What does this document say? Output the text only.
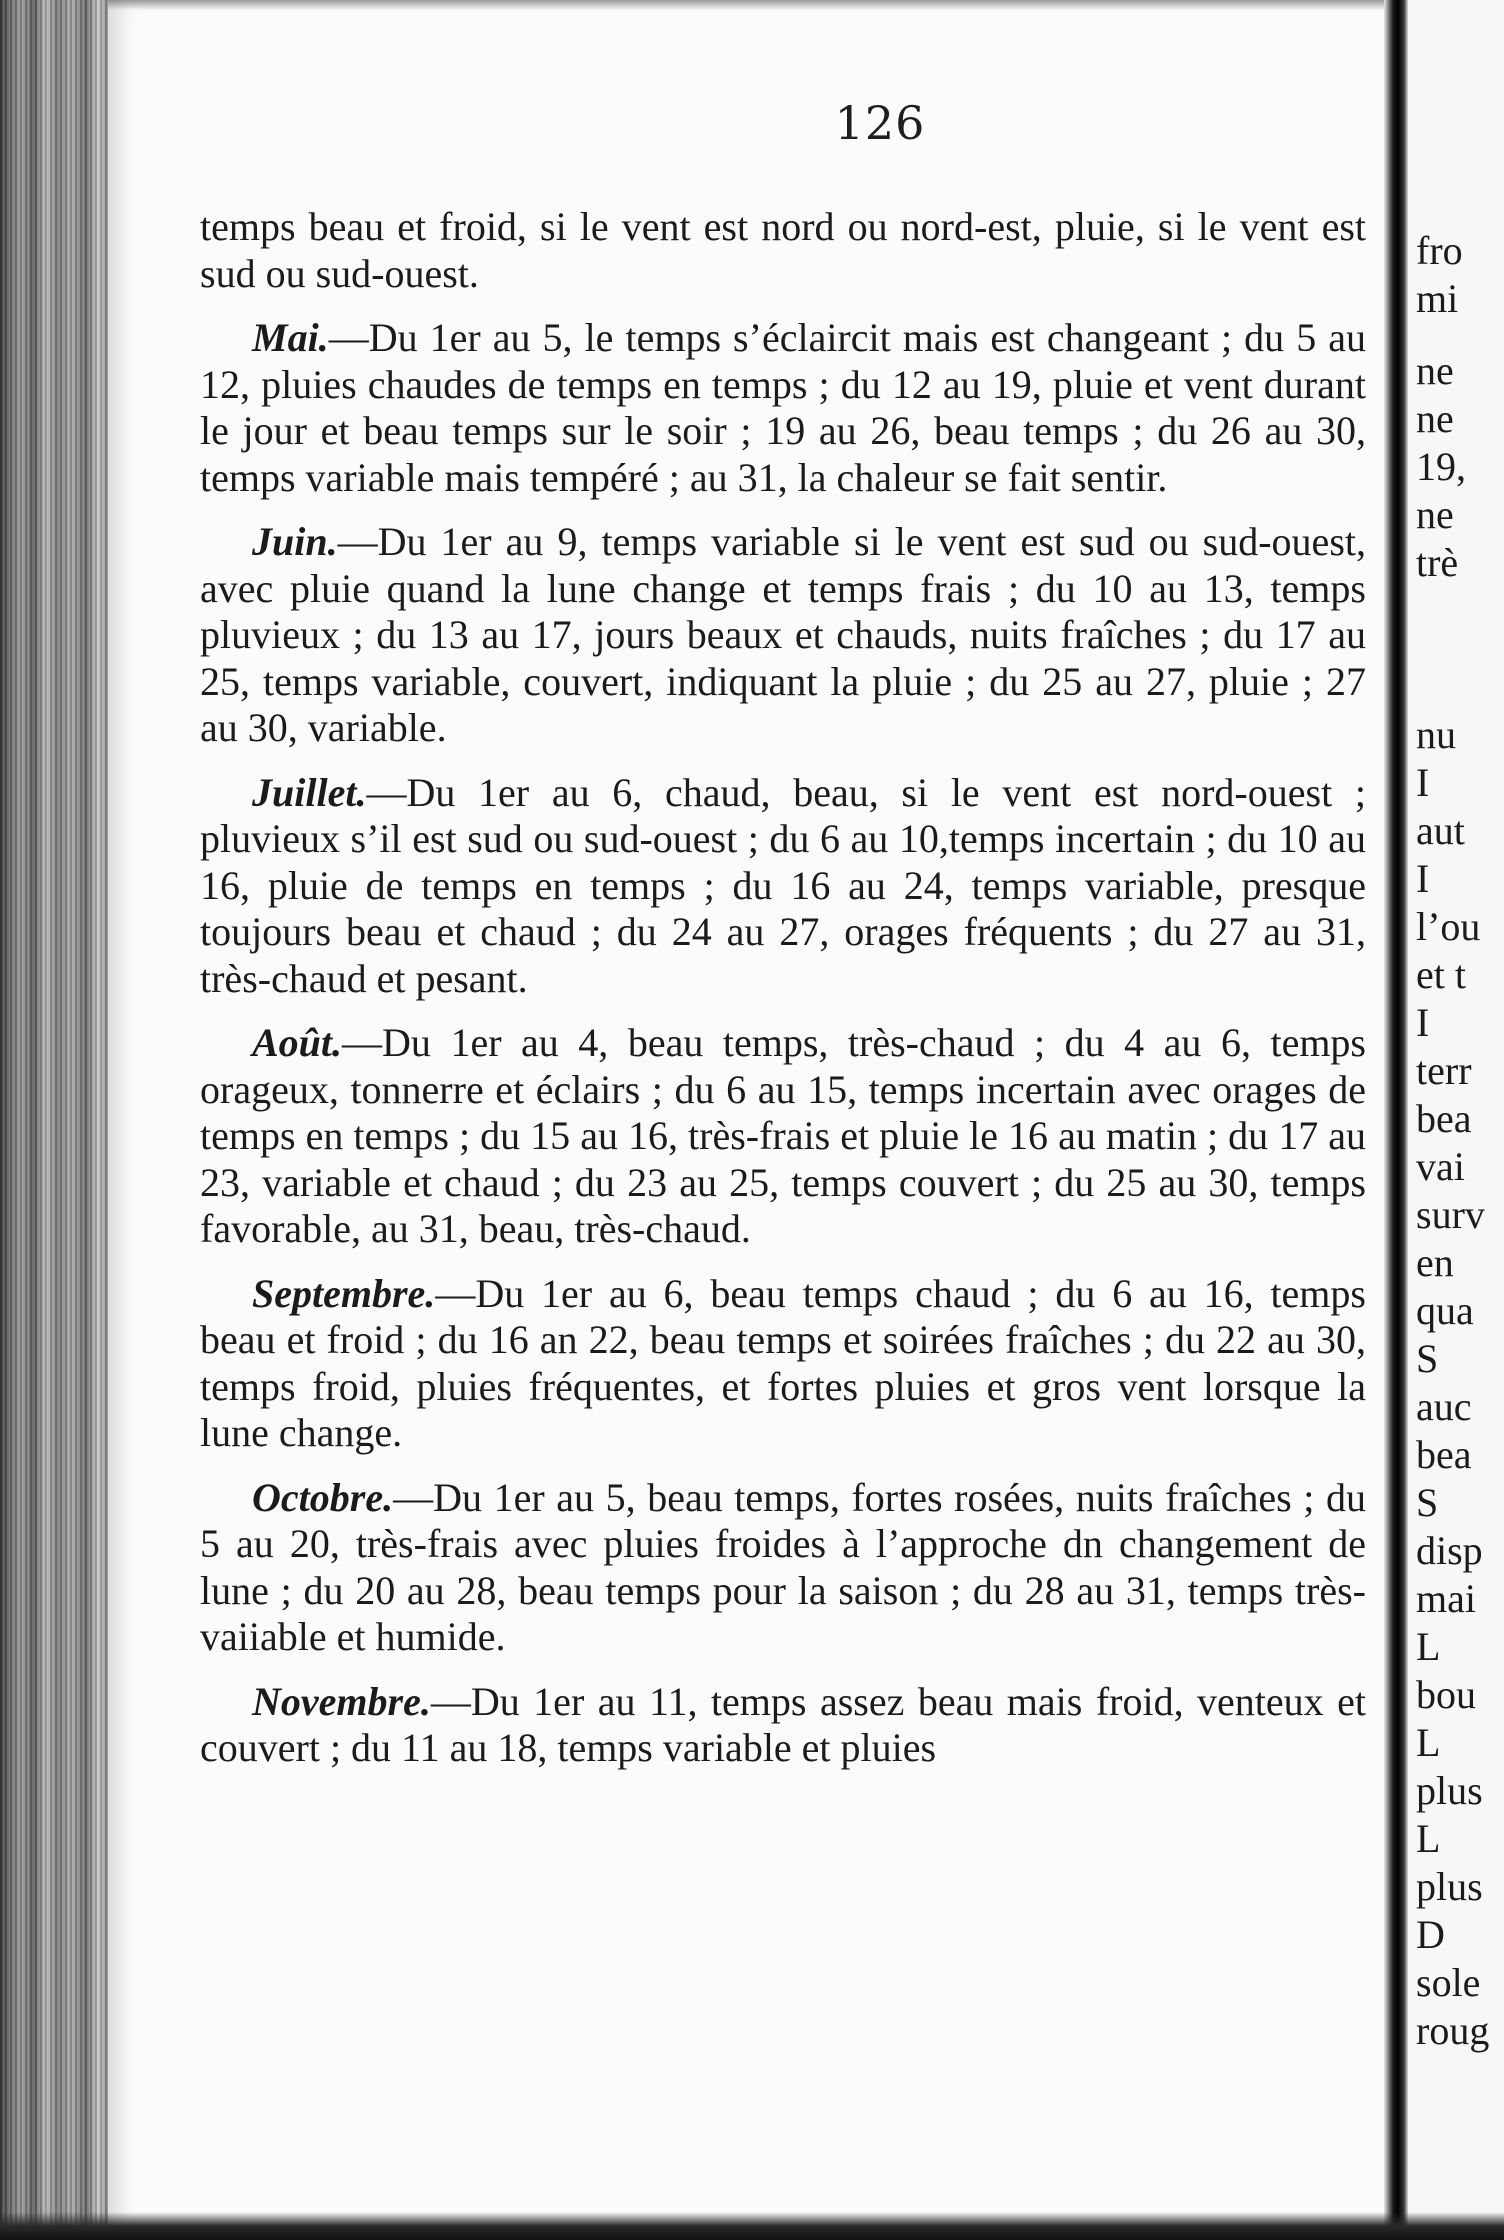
126

temps beau et froid, si le vent est nord ou nord-est, pluie, si le vent est sud ou sud-ouest.

Mai.—Du 1er au 5, le temps s’éclaircit mais est changeant ; du 5 au 12, pluies chaudes de temps en temps ; du 12 au 19, pluie et vent durant le jour et beau temps sur le soir ; 19 au 26, beau temps ; du 26 au 30, temps variable mais tempéré ; au 31, la chaleur se fait sentir.

Juin.—Du 1er au 9, temps variable si le vent est sud ou sud-ouest, avec pluie quand la lune change et temps frais ; du 10 au 13, temps pluvieux ; du 13 au 17, jours beaux et chauds, nuits fraîches ; du 17 au 25, temps variable, couvert, indiquant la pluie ; du 25 au 27, pluie ; 27 au 30, variable.

Juillet.—Du 1er au 6, chaud, beau, si le vent est nord-ouest ; pluvieux s’il est sud ou sud-ouest ; du 6 au 10,temps incertain ; du 10 au 16, pluie de temps en temps ; du 16 au 24, temps variable, presque toujours beau et chaud ; du 24 au 27, orages fréquents ; du 27 au 31, très-chaud et pesant.

Août.—Du 1er au 4, beau temps, très-chaud ; du 4 au 6, temps orageux, tonnerre et éclairs ; du 6 au 15, temps incertain avec orages de temps en temps ; du 15 au 16, très-frais et pluie le 16 au matin ; du 17 au 23, variable et chaud ; du 23 au 25, temps couvert ; du 25 au 30, temps favorable, au 31, beau, très-chaud.

Septembre.—Du 1er au 6, beau temps chaud ; du 6 au 16, temps beau et froid ; du 16 an 22, beau temps et soirées fraîches ; du 22 au 30, temps froid, pluies fréquentes, et fortes pluies et gros vent lorsque la lune change.

Octobre.—Du 1er au 5, beau temps, fortes rosées, nuits fraîches ; du 5 au 20, très-frais avec pluies froides à l’approche dn changement de lune ; du 20 au 28, beau temps pour la saison ; du 28 au 31, temps très-vaiiable et humide.

Novembre.—Du 1er au 11, temps assez beau mais froid, venteux et couvert ; du 11 au 18, temps variable et pluies

fro
mi
ne
ne
19,
ne
trè
nu
I
aut
I
l’ou
et t
I
terr
bea
vai
surv
en
qua
S
auc
bea
S
disp
mai
L
bou
L
plus
L
plus
D
sole
roug
